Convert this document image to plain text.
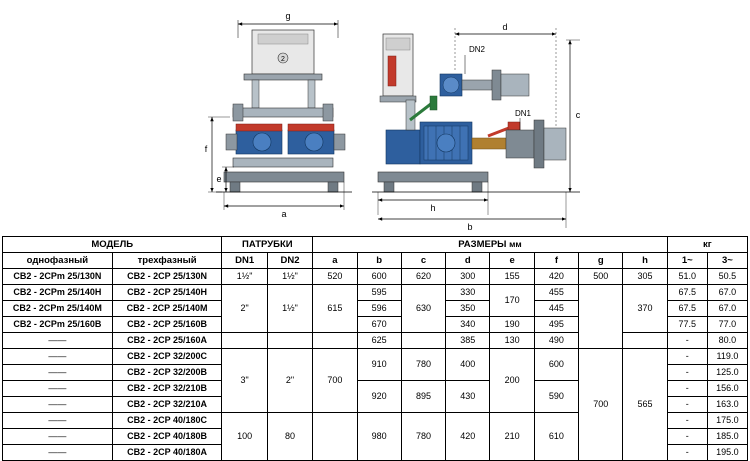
g
2
f
e
a
DN2
DN1
d
c
h
b
МОДЕЛЬ		ПАТРУБКИ		РАЗМЕРЫ мм								кг	
однофазный	трехфазный	DN1	DN2	a	b	c	d	e	f	g	h	1~	3~
CB2 - 2CPm 25/130N	CB2 - 2CP 25/130N	1½"	1½"	520	600	620	300	155	420	500	305	51.0	50.5
CB2 - 2CPm 25/140H	CB2 - 2CP 25/140H	2"	1½"	615	595	630	330	170	455		370	67.5	67.0
CB2 - 2CPm 25/140M	CB2 - 2CP 25/140M				596		350		445			67.5	67.0
CB2 - 2CPm 25/160B	CB2 - 2CP 25/160B				670		340	190	495			77.5	77.0
——	CB2 - 2CP 25/160A				625		385	130	490			-	80.0
——	CB2 - 2CP 32/200C	3"	2"	700	910	780	400	200	600	700	565	-	119.0
——	CB2 - 2CP 32/200B											-	125.0
——	CB2 - 2CP 32/210B				920	895	430		590			-	156.0
——	CB2 - 2CP 32/210A											-	163.0
——	CB2 - 2CP 40/180C	100	80		980	780	420	210	610			-	175.0
——	CB2 - 2CP 40/180B											-	185.0
——	CB2 - 2CP 40/180A											-	195.0
